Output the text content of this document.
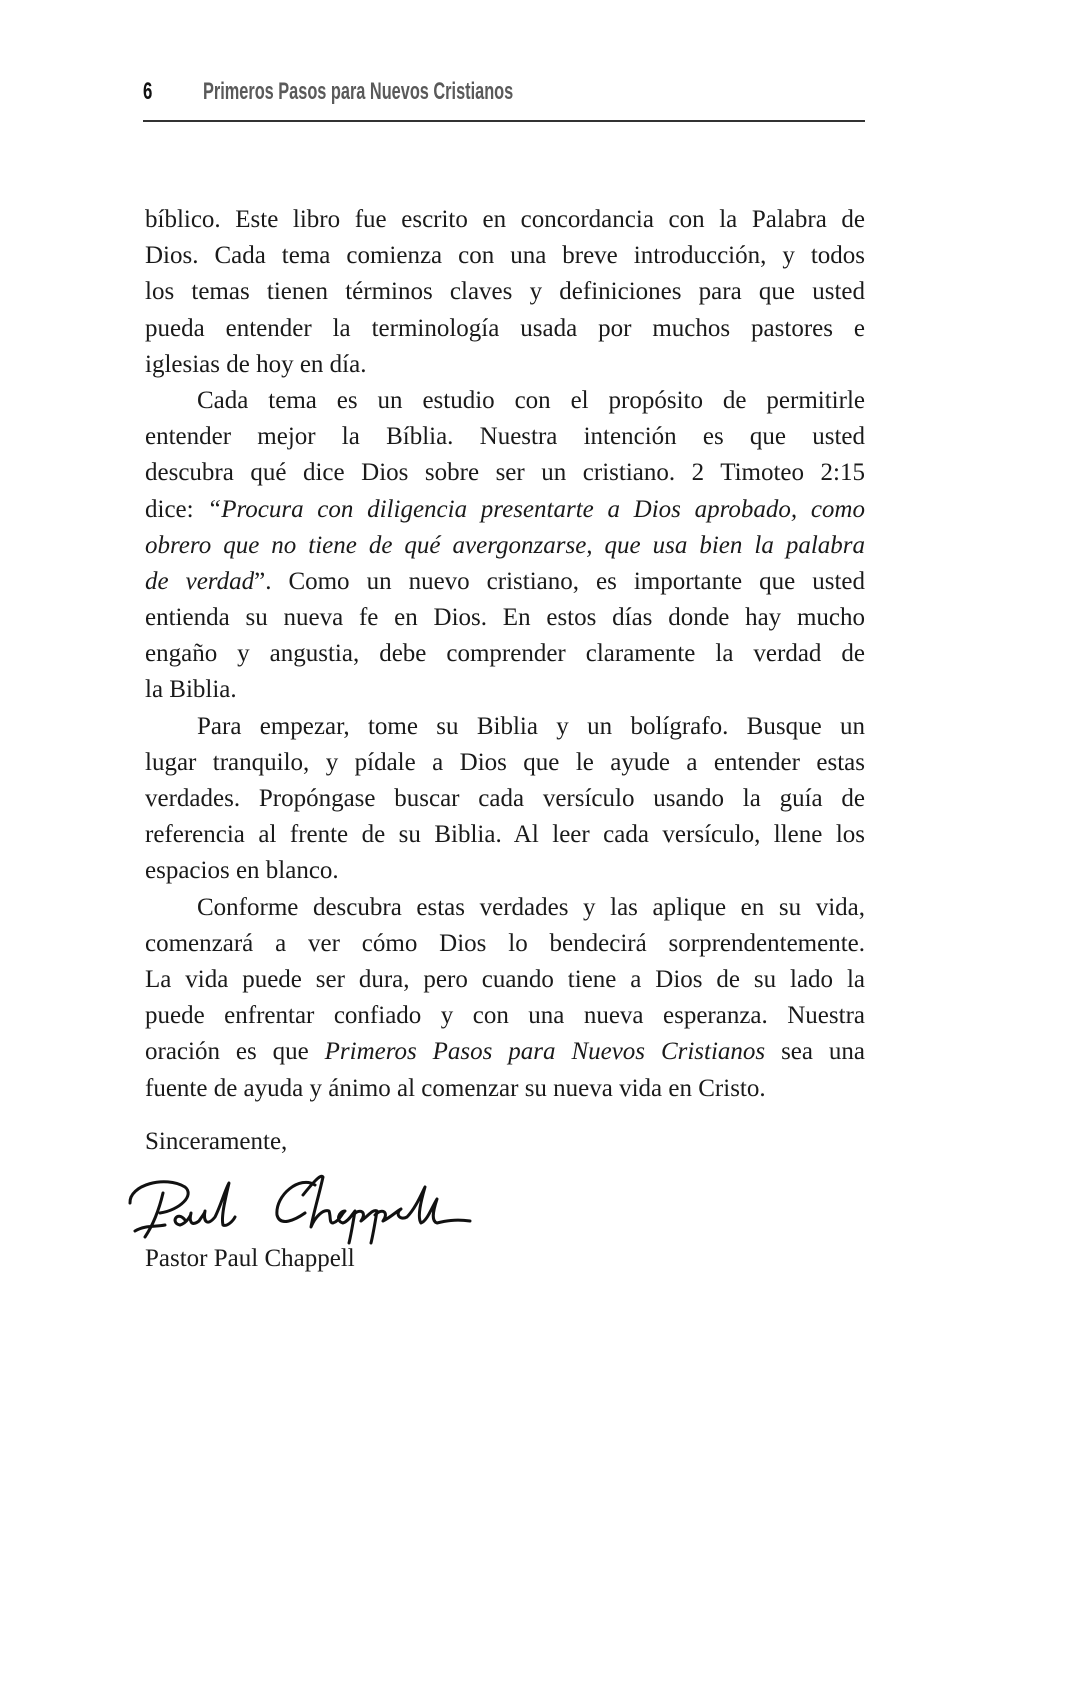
6 Primeros Pasos para Nuevos Cristianos
bíblico. Este libro fue escrito en concordancia con la Palabra de
Dios. Cada tema comienza con una breve introducción, y todos
los temas tienen términos claves y definiciones para que usted
pueda entender la terminología usada por muchos pastores e
iglesias de hoy en día.
Cada tema es un estudio con el propósito de permitirle
entender mejor la Bíblia. Nuestra intención es que usted
descubra qué dice Dios sobre ser un cristiano. 2 Timoteo 2:15
dice: “Procura con diligencia presentarte a Dios aprobado, como
obrero que no tiene de qué avergonzarse, que usa bien la palabra
de verdad”. Como un nuevo cristiano, es importante que usted
entienda su nueva fe en Dios. En estos días donde hay mucho
engaño y angustia, debe comprender claramente la verdad de
la Biblia.
Para empezar, tome su Biblia y un bolígrafo. Busque un
lugar tranquilo, y pídale a Dios que le ayude a entender estas
verdades. Propóngase buscar cada versículo usando la guía de
referencia al frente de su Biblia. Al leer cada versículo, llene los
espacios en blanco.
Conforme descubra estas verdades y las aplique en su vida,
comenzará a ver cómo Dios lo bendecirá sorprendentemente.
La vida puede ser dura, pero cuando tiene a Dios de su lado la
puede enfrentar confiado y con una nueva esperanza. Nuestra
oración es que Primeros Pasos para Nuevos Cristianos sea una
fuente de ayuda y ánimo al comenzar su nueva vida en Cristo.
Sinceramente,
Pastor Paul Chappell
